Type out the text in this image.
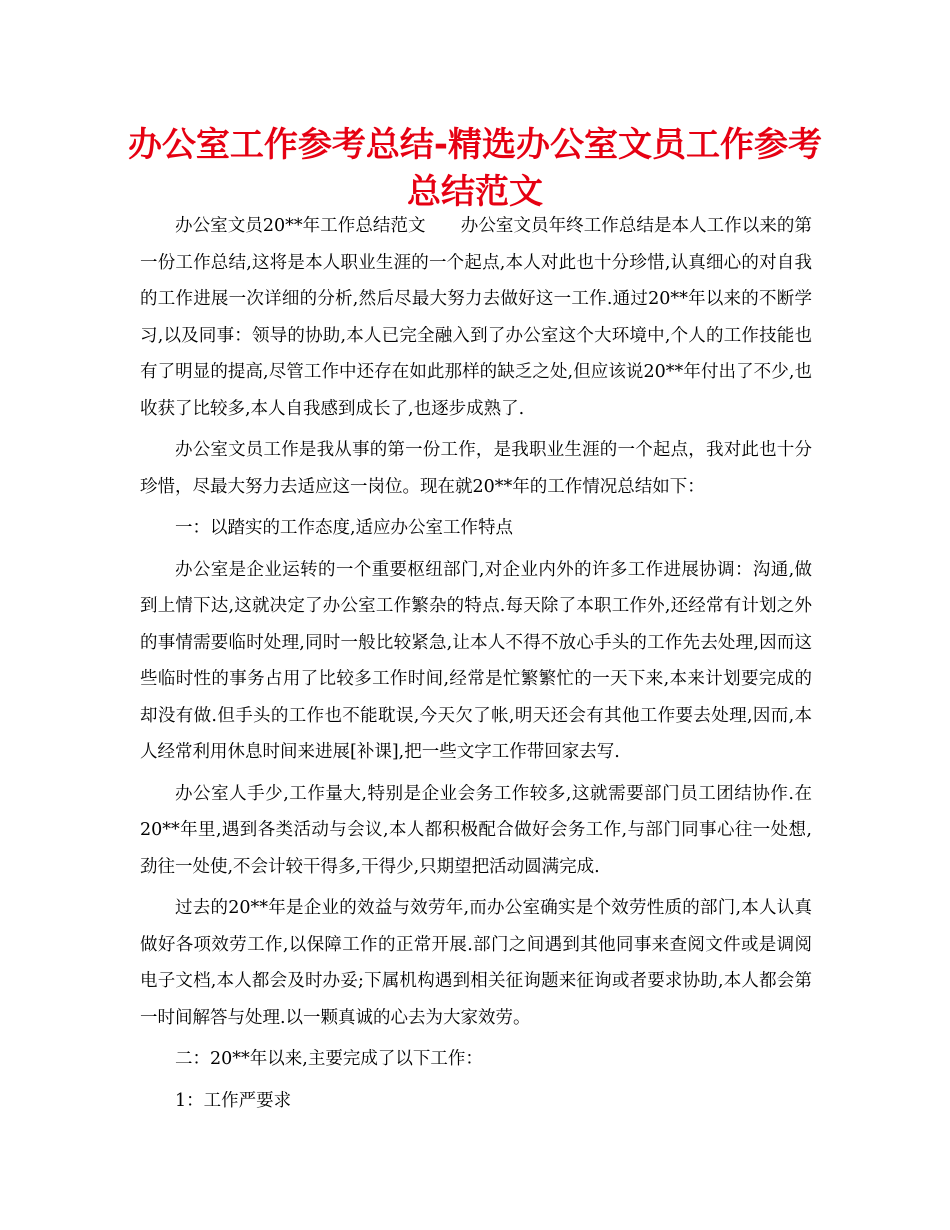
办公室工作参考总结-精选办公室文员工作参考总结范文

办公室文员20**年工作总结范文　　办公室文员年终工作总结是本人工作以来的第一份工作总结,这将是本人职业生涯的一个起点,本人对此也十分珍惜,认真细心的对自我的工作进展一次详细的分析,然后尽最大努力去做好这一工作.通过20**年以来的不断学习,以及同事：领导的协助,本人已完全融入到了办公室这个大环境中,个人的工作技能也有了明显的提高,尽管工作中还存在如此那样的缺乏之处,但应该说20**年付出了不少,也收获了比较多,本人自我感到成长了,也逐步成熟了.

办公室文员工作是我从事的第一份工作，是我职业生涯的一个起点，我对此也十分珍惜，尽最大努力去适应这一岗位。现在就20**年的工作情况总结如下：

一：以踏实的工作态度,适应办公室工作特点

办公室是企业运转的一个重要枢纽部门,对企业内外的许多工作进展协调：沟通,做到上情下达,这就决定了办公室工作繁杂的特点.每天除了本职工作外,还经常有计划之外的事情需要临时处理,同时一般比较紧急,让本人不得不放心手头的工作先去处理,因而这些临时性的事务占用了比较多工作时间,经常是忙繁繁忙的一天下来,本来计划要完成的却没有做.但手头的工作也不能耽误,今天欠了帐,明天还会有其他工作要去处理,因而,本人经常利用休息时间来进展[补课],把一些文字工作带回家去写.

办公室人手少,工作量大,特别是企业会务工作较多,这就需要部门员工团结协作.在20**年里,遇到各类活动与会议,本人都积极配合做好会务工作,与部门同事心往一处想,劲往一处使,不会计较干得多,干得少,只期望把活动圆满完成.

过去的20**年是企业的效益与效劳年,而办公室确实是个效劳性质的部门,本人认真做好各项效劳工作,以保障工作的正常开展.部门之间遇到其他同事来查阅文件或是调阅电子文档,本人都会及时办妥;下属机构遇到相关征询题来征询或者要求协助,本人都会第一时间解答与处理.以一颗真诚的心去为大家效劳。

二：20**年以来,主要完成了以下工作：

1：工作严要求
